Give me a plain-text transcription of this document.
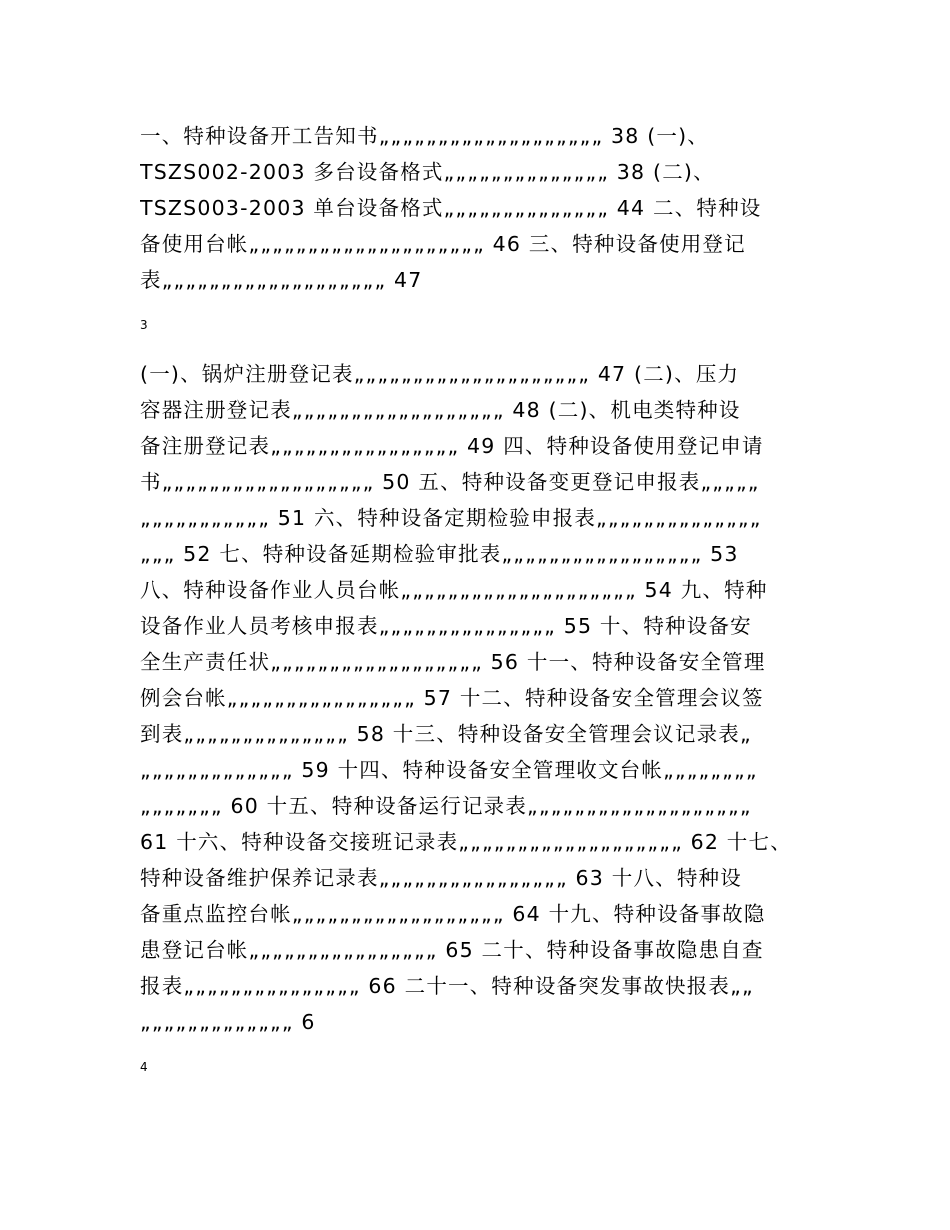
一、特种设备开工告知书„„„„„„„„„„„„„„„„„„„ 38 (一)、
TSZS002-2003 多台设备格式„„„„„„„„„„„„„„ 38 (二)、
TSZS003-2003 单台设备格式„„„„„„„„„„„„„„ 44 二、特种设
备使用台帐„„„„„„„„„„„„„„„„„„„„ 46 三、特种设备使用登记
表„„„„„„„„„„„„„„„„„„„ 47
3
(一)、锅炉注册登记表„„„„„„„„„„„„„„„„„„„„ 47 (二)、压力
容器注册登记表„„„„„„„„„„„„„„„„„„ 48 (二)、机电类特种设
备注册登记表„„„„„„„„„„„„„„„„ 49 四、特种设备使用登记申请
书„„„„„„„„„„„„„„„„„„ 50 五、特种设备变更登记申报表„„„„„
„„„„„„„„„„„ 51 六、特种设备定期检验申报表„„„„„„„„„„„„„„
„„„ 52 七、特种设备延期检验审批表„„„„„„„„„„„„„„„„„ 53
八、特种设备作业人员台帐„„„„„„„„„„„„„„„„„„„„ 54 九、特种
设备作业人员考核申报表„„„„„„„„„„„„„„„ 55 十、特种设备安
全生产责任状„„„„„„„„„„„„„„„„„„ 56 十一、特种设备安全管理
例会台帐„„„„„„„„„„„„„„„„ 57 十二、特种设备安全管理会议签
到表„„„„„„„„„„„„„„ 58 十三、特种设备安全管理会议记录表„
„„„„„„„„„„„„„ 59 十四、特种设备安全管理收文台帐„„„„„„„„
„„„„„„„ 60 十五、特种设备运行记录表„„„„„„„„„„„„„„„„„„„
61 十六、特种设备交接班记录表„„„„„„„„„„„„„„„„„„„ 62 十七、
特种设备维护保养记录表„„„„„„„„„„„„„„„„ 63 十八、特种设
备重点监控台帐„„„„„„„„„„„„„„„„„„ 64 十九、特种设备事故隐
患登记台帐„„„„„„„„„„„„„„„„ 65 二十、特种设备事故隐患自查
报表„„„„„„„„„„„„„„„ 66 二十一、特种设备突发事故快报表„„
„„„„„„„„„„„„„ 6
4
